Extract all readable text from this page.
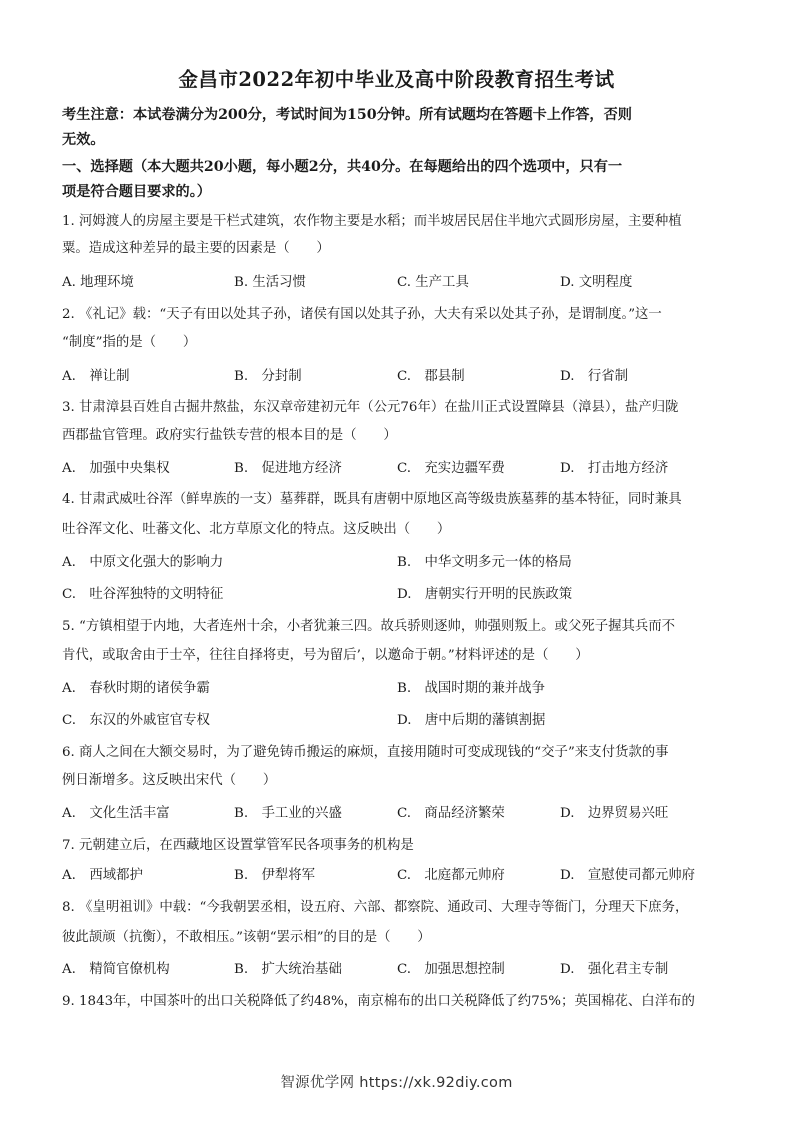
金昌市2022年初中毕业及高中阶段教育招生考试
考生注意：本试卷满分为200分，考试时间为150分钟。所有试题均在答题卡上作答，否则
无效。
一、选择题（本大题共20小题，每小题2分，共40分。在每题给出的四个选项中，只有一
项是符合题目要求的。）
1. 河姆渡人的房屋主要是干栏式建筑，农作物主要是水稻；而半坡居民居住半地穴式圆形房屋，主要种植
粟。造成这种差异的最主要的因素是（　　）
A. 地理环境	B. 生活习惯	C. 生产工具	D. 文明程度
2. 《礼记》载：“天子有田以处其子孙，诸侯有国以处其子孙，大夫有采以处其子孙，是谓制度。”这一
“制度”指的是（　　）
A.　禅让制	B.　分封制	C.　郡县制	D.　行省制
3. 甘肃漳县百姓自古掘井熬盐，东汉章帝建初元年（公元76年）在盐川正式设置障县（漳县），盐产归陇
西郡盐官管理。政府实行盐铁专营的根本目的是（　　）
A.　加强中央集权	B.　促进地方经济	C.　充实边疆军费	D.　打击地方经济
4. 甘肃武威吐谷浑（鲜卑族的一支）墓葬群，既具有唐朝中原地区高等级贵族墓葬的基本特征，同时兼具
吐谷浑文化、吐蕃文化、北方草原文化的特点。这反映出（　　）
A.　中原文化强大的影响力	B.　中华文明多元一体的格局
C.　吐谷浑独特的文明特征	D.　唐朝实行开明的民族政策
5. “方镇相望于内地，大者连州十余，小者犹兼三四。故兵骄则逐帅，帅强则叛上。或父死子握其兵而不
肯代，或取舍由于士卒，往往自择将吏，号为留后’，以邀命于朝。”材料评述的是（　　）
A.　春秋时期的诸侯争霸	B.　战国时期的兼并战争
C.　东汉的外戚宦官专权	D.　唐中后期的藩镇割据
6. 商人之间在大额交易时，为了避免铸币搬运的麻烦，直接用随时可变成现钱的“交子”来支付货款的事
例日渐增多。这反映出宋代（　　）
A.　文化生活丰富	B.　手工业的兴盛	C.　商品经济繁荣	D.　边界贸易兴旺
7. 元朝建立后，在西藏地区设置掌管军民各项事务的机构是
A.　西域都护	B.　伊犁将军	C.　北庭都元帅府	D.　宣慰使司都元帅府
8. 《皇明祖训》中载：“今我朝罢丞相，设五府、六部、都察院、通政司、大理寺等衙门，分理天下庶务，
彼此颉颃（抗衡），不敢相压。”该朝“罢示相”的目的是（　　）
A.　精简官僚机构	B.　扩大统治基础	C.　加强思想控制	D.　强化君主专制
9. 1843年，中国茶叶的出口关税降低了约48%，南京棉布的出口关税降低了约75%；英国棉花、白洋布的
智源优学网 https://xk.92diy.com
